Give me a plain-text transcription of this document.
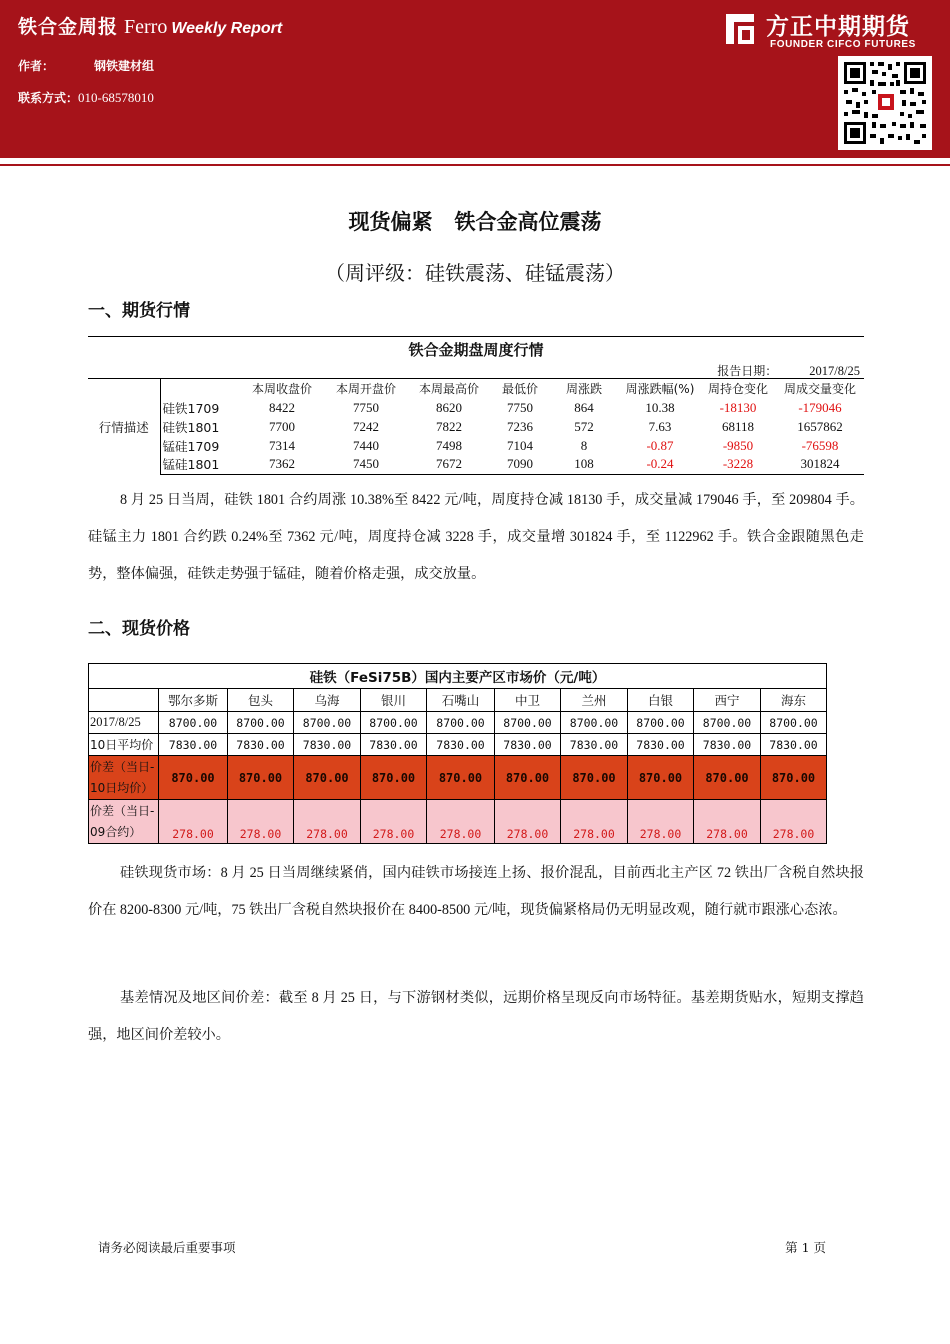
铁合金周报 Ferro Weekly Report
作者：	钢铁建材组
联系方式：010-68578010
方正中期期货
FOUNDER CIFCO FUTURES
现货偏紧   铁合金高位震荡
（周评级：硅铁震荡、硅锰震荡）
一、期货行情
铁合金期盘周度行情
报告日期：	2017/8/25
行情描述		本周收盘价	本周开盘价	本周最高价	最低价	周涨跌	周涨跌幅(%)	周持仓变化	周成交量变化
	硅铁1709	8422	7750	8620	7750	864	10.38	-18130	-179046
	硅铁1801	7700	7242	7822	7236	572	7.63	68118	1657862
	锰硅1709	7314	7440	7498	7104	8	-0.87	-9850	-76598
	锰硅1801	7362	7450	7672	7090	108	-0.24	-3228	301824

8 月 25 日当周，硅铁 1801 合约周涨 10.38%至 8422 元/吨，周度持仓减 18130 手，成交量减 179046 手，至 209804 手。硅锰主力 1801 合约跌 0.24%至 7362 元/吨，周度持仓减 3228 手，成交量增 301824 手，至 1122962 手。铁合金跟随黑色走势，整体偏强，硅铁走势强于锰硅，随着价格走强，成交放量。

二、现货价格
硅铁（FeSi75B）国内主要产区市场价（元/吨）										
	鄂尔多斯	包头	乌海	银川	石嘴山	中卫	兰州	白银	西宁	海东
2017/8/25	8700.00	8700.00	8700.00	8700.00	8700.00	8700.00	8700.00	8700.00	8700.00	8700.00
10日平均价	7830.00	7830.00	7830.00	7830.00	7830.00	7830.00	7830.00	7830.00	7830.00	7830.00

价差（当日-
10日均价）	870.00	870.00	870.00	870.00	870.00	870.00	870.00	870.00	870.00	870.00

价差（当日-
09合约）	278.00	278.00	278.00	278.00	278.00	278.00	278.00	278.00	278.00	278.00

硅铁现货市场：8 月 25 日当周继续紧俏，国内硅铁市场接连上扬、报价混乱，目前西北主产区 72 铁出厂含税自然块报价在 8200-8300 元/吨，75 铁出厂含税自然块报价在 8400-8500 元/吨，现货偏紧格局仍无明显改观，随行就市跟涨心态浓。

基差情况及地区间价差：截至 8 月 25 日，与下游钢材类似，远期价格呈现反向市场特征。基差期货贴水，短期支撑趋强，地区间价差较小。

请务必阅读最后重要事项	第 1 页
